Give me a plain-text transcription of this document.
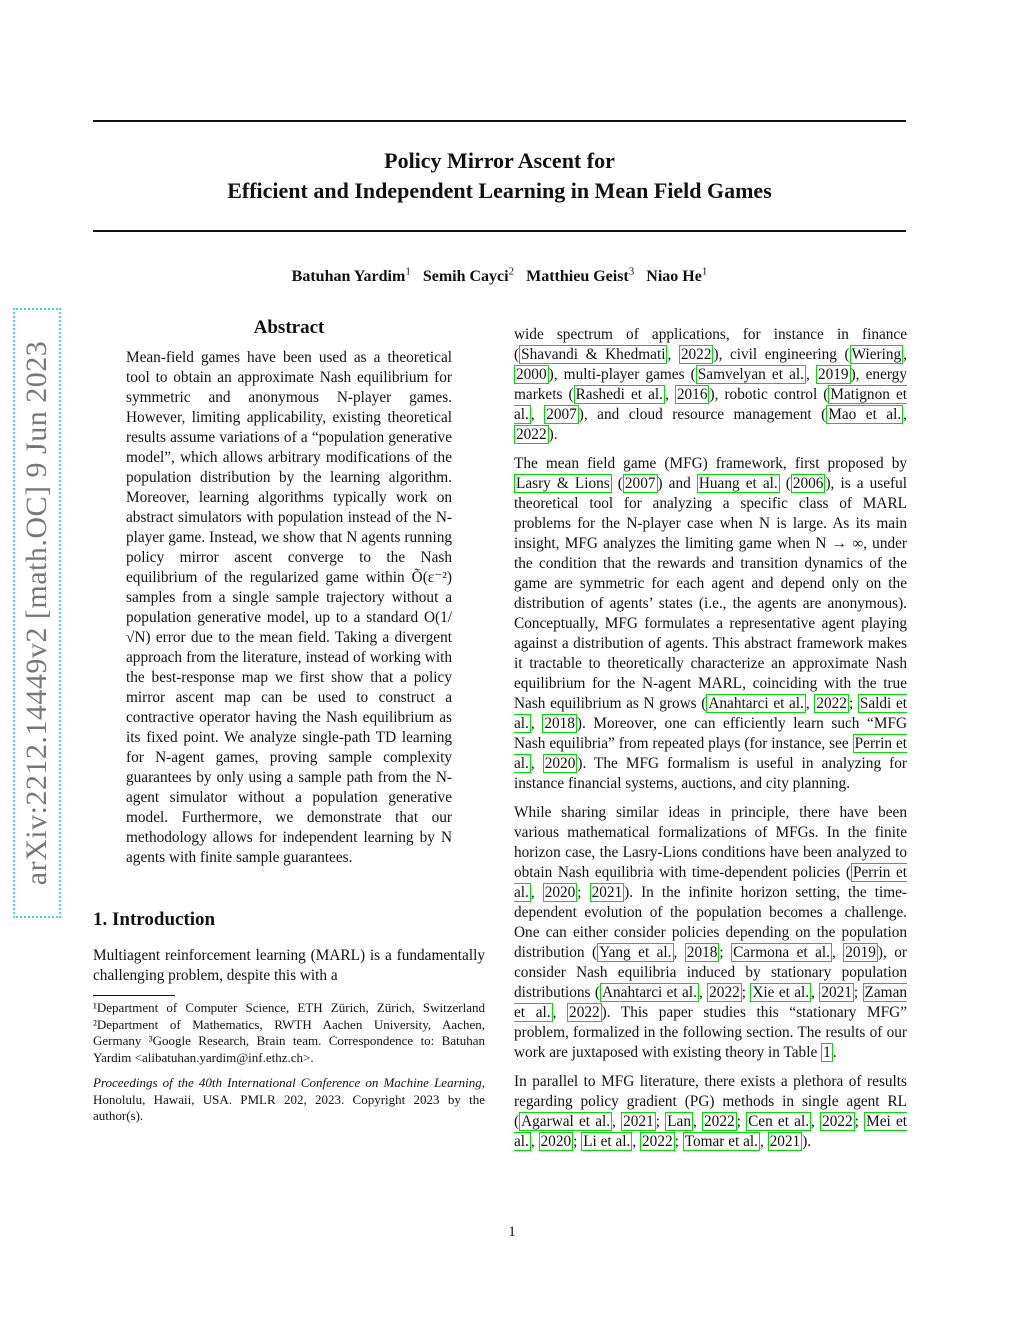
arXiv:2212.14449v2 [math.OC] 9 Jun 2023
Policy Mirror Ascent for
Efficient and Independent Learning in Mean Field Games
Batuhan Yardim$^1$ Semih Cayci$^2$ Matthieu Geist$^3$ Niao He$^1$
Abstract

Mean-field games have been used as a theoretical tool to obtain an approximate Nash equilibrium for symmetric and anonymous N-player games. However, limiting applicability, existing theoretical results assume variations of a “population generative model”, which allows arbitrary modifications of the population distribution by the learning algorithm. Moreover, learning algorithms typically work on abstract simulators with population instead of the N-player game. Instead, we show that N agents running policy mirror ascent converge to the Nash equilibrium of the regularized game within Õ(ε⁻²) samples from a single sample trajectory without a population generative model, up to a standard O(1/√N) error due to the mean field. Taking a divergent approach from the literature, instead of working with the best-response map we first show that a policy mirror ascent map can be used to construct a contractive operator having the Nash equilibrium as its fixed point. We analyze single-path TD learning for N-agent games, proving sample complexity guarantees by only using a sample path from the N-agent simulator without a population generative model. Furthermore, we demonstrate that our methodology allows for independent learning by N agents with finite sample guarantees.

1. Introduction

Multiagent reinforcement learning (MARL) is a fundamentally challenging problem, despite this with a

¹Department of Computer Science, ETH Zürich, Zürich, Switzerland ²Department of Mathematics, RWTH Aachen University, Aachen, Germany ³Google Research, Brain team. Correspondence to: Batuhan Yardim <alibatuhan.yardim@inf.ethz.ch>.

Proceedings of the 40th International Conference on Machine Learning, Honolulu, Hawaii, USA. PMLR 202, 2023. Copyright 2023 by the author(s).

wide spectrum of applications, for instance in finance ( Shavandi & Khedmati , 2022 ), civil engineering ( Wiering , 2000 ), multi-player games ( Samvelyan et al. , 2019 ), energy markets ( Rashedi et al. , 2016 ), robotic control ( Matignon et al. , 2007 ), and cloud resource management ( Mao et al. , 2022 ).

The mean field game (MFG) framework, first proposed by Lasry & Lions ( 2007 ) and Huang et al. ( 2006 ), is a useful theoretical tool for analyzing a specific class of MARL problems for the N-player case when N is large. As its main insight, MFG analyzes the limiting game when N → ∞, under the condition that the rewards and transition dynamics of the game are symmetric for each agent and depend only on the distribution of agents’ states (i.e., the agents are anonymous). Conceptually, MFG formulates a representative agent playing against a distribution of agents. This abstract framework makes it tractable to theoretically characterize an approximate Nash equilibrium for the N-agent MARL, coinciding with the true Nash equilibrium as N grows ( Anahtarci et al. , 2022 ; Saldi et al. , 2018 ). Moreover, one can efficiently learn such “MFG Nash equilibria” from repeated plays (for instance, see Perrin et al. , 2020 ). The MFG formalism is useful in analyzing for instance financial systems, auctions, and city planning.

While sharing similar ideas in principle, there have been various mathematical formalizations of MFGs. In the finite horizon case, the Lasry-Lions conditions have been analyzed to obtain Nash equilibria with time-dependent policies ( Perrin et al. , 2020 ; 2021 ). In the infinite horizon setting, the time-dependent evolution of the population becomes a challenge. One can either consider policies depending on the population distribution ( Yang et al. , 2018 ; Carmona et al. , 2019 ), or consider Nash equilibria induced by stationary population distributions ( Anahtarci et al. , 2022 ; Xie et al. , 2021 ; Zaman et al. , 2022 ). This paper studies this “stationary MFG” problem, formalized in the following section. The results of our work are juxtaposed with existing theory in Table 1 .

In parallel to MFG literature, there exists a plethora of results regarding policy gradient (PG) methods in single agent RL ( Agarwal et al. , 2021 ; Lan , 2022 ; Cen et al. , 2022 ; Mei et al. , 2020 ; Li et al. , 2022 ; Tomar et al. , 2021 ).

1
